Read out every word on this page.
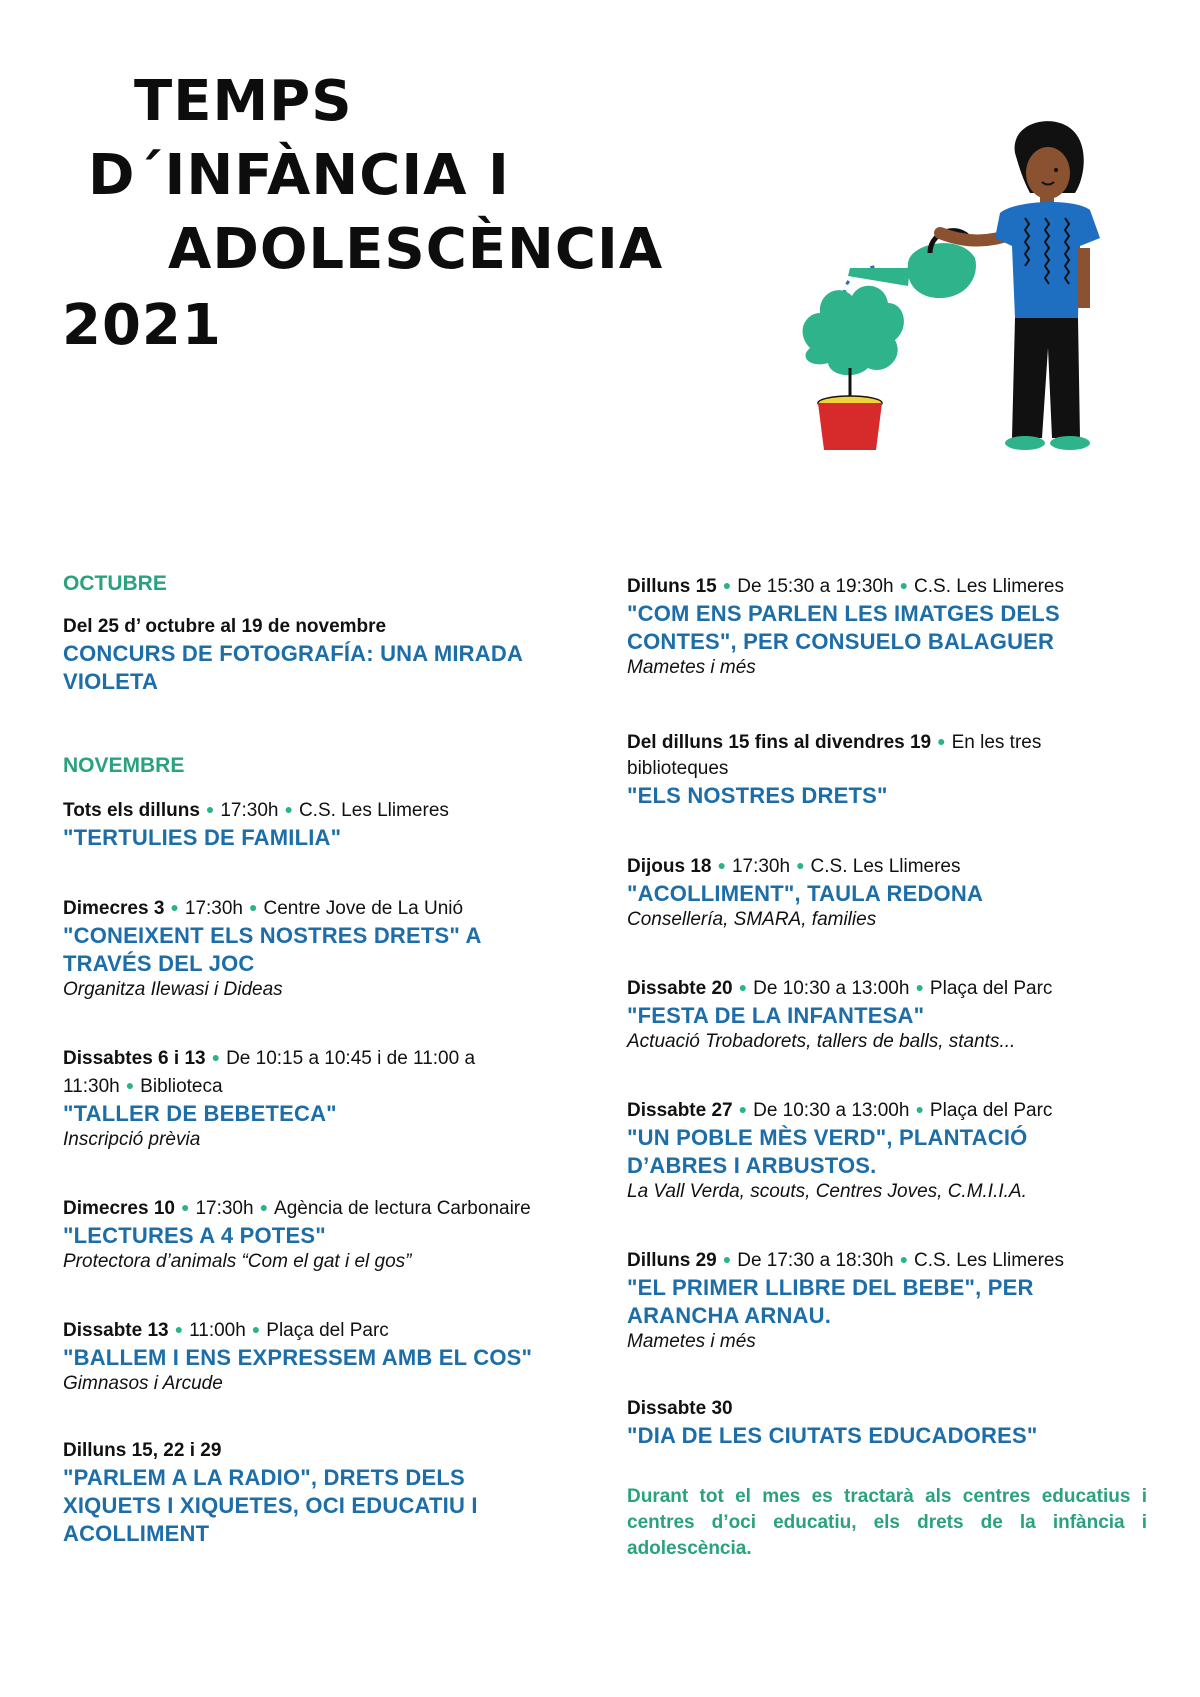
TEMPS
D´INFÀNCIA I
ADOLESCÈNCIA
2021

OCTUBRE

Del 25 d’ octubre al 19 de novembre
CONCURS DE FOTOGRAFÍA: UNA MIRADA VIOLETA

NOVEMBRE

Tots els dilluns ● 17:30h ● C.S. Les Llimeres
"TERTULIES DE FAMILIA"
Dimecres 3 ● 17:30h ● Centre Jove de La Unió
"CONEIXENT ELS NOSTRES DRETS" A TRAVÉS DEL JOC
Organitza Ilewasi i Dideas
Dissabtes 6 i 13 ● De 10:15 a 10:45 i de 11:00 a 11:30h ● Biblioteca
"TALLER DE BEBETECA"
Inscripció prèvia
Dimecres 10 ● 17:30h ● Agència de lectura Carbonaire
"LECTURES A 4 POTES"
Protectora d’animals “Com el gat i el gos”
Dissabte 13 ● 11:00h ● Plaça del Parc
"BALLEM I ENS EXPRESSEM AMB EL COS"
Gimnasos i Arcude
Dilluns 15, 22 i 29
"PARLEM A LA RADIO", DRETS DELS XIQUETS I XIQUETES, OCI EDUCATIU I ACOLLIMENT
Dilluns 15 ● De 15:30 a 19:30h ● C.S. Les Llimeres
"COM ENS PARLEN LES IMATGES DELS CONTES", PER CONSUELO BALAGUER
Mametes i més
Del dilluns 15 fins al divendres 19 ● En les tres biblioteques
"ELS NOSTRES DRETS"
Dijous 18 ● 17:30h ● C.S. Les Llimeres
"ACOLLIMENT", TAULA REDONA
Consellería, SMARA, families
Dissabte 20 ● De 10:30 a 13:00h ● Plaça del Parc
"FESTA DE LA INFANTESA"
Actuació Trobadorets, tallers de balls, stants...
Dissabte 27 ● De 10:30 a 13:00h ● Plaça del Parc
"UN POBLE MÈS VERD", PLANTACIÓ D’ABRES I ARBUSTOS.
La Vall Verda, scouts, Centres Joves, C.M.I.I.A.
Dilluns 29 ● De 17:30 a 18:30h ● C.S. Les Llimeres
"EL PRIMER LLIBRE DEL BEBE", PER ARANCHA ARNAU.
Mametes i més
Dissabte 30
"DIA DE LES CIUTATS EDUCADORES"
Durant tot el mes es tractarà als centres educatius i centres d’oci educatiu, els drets de la infància i adolescència.
